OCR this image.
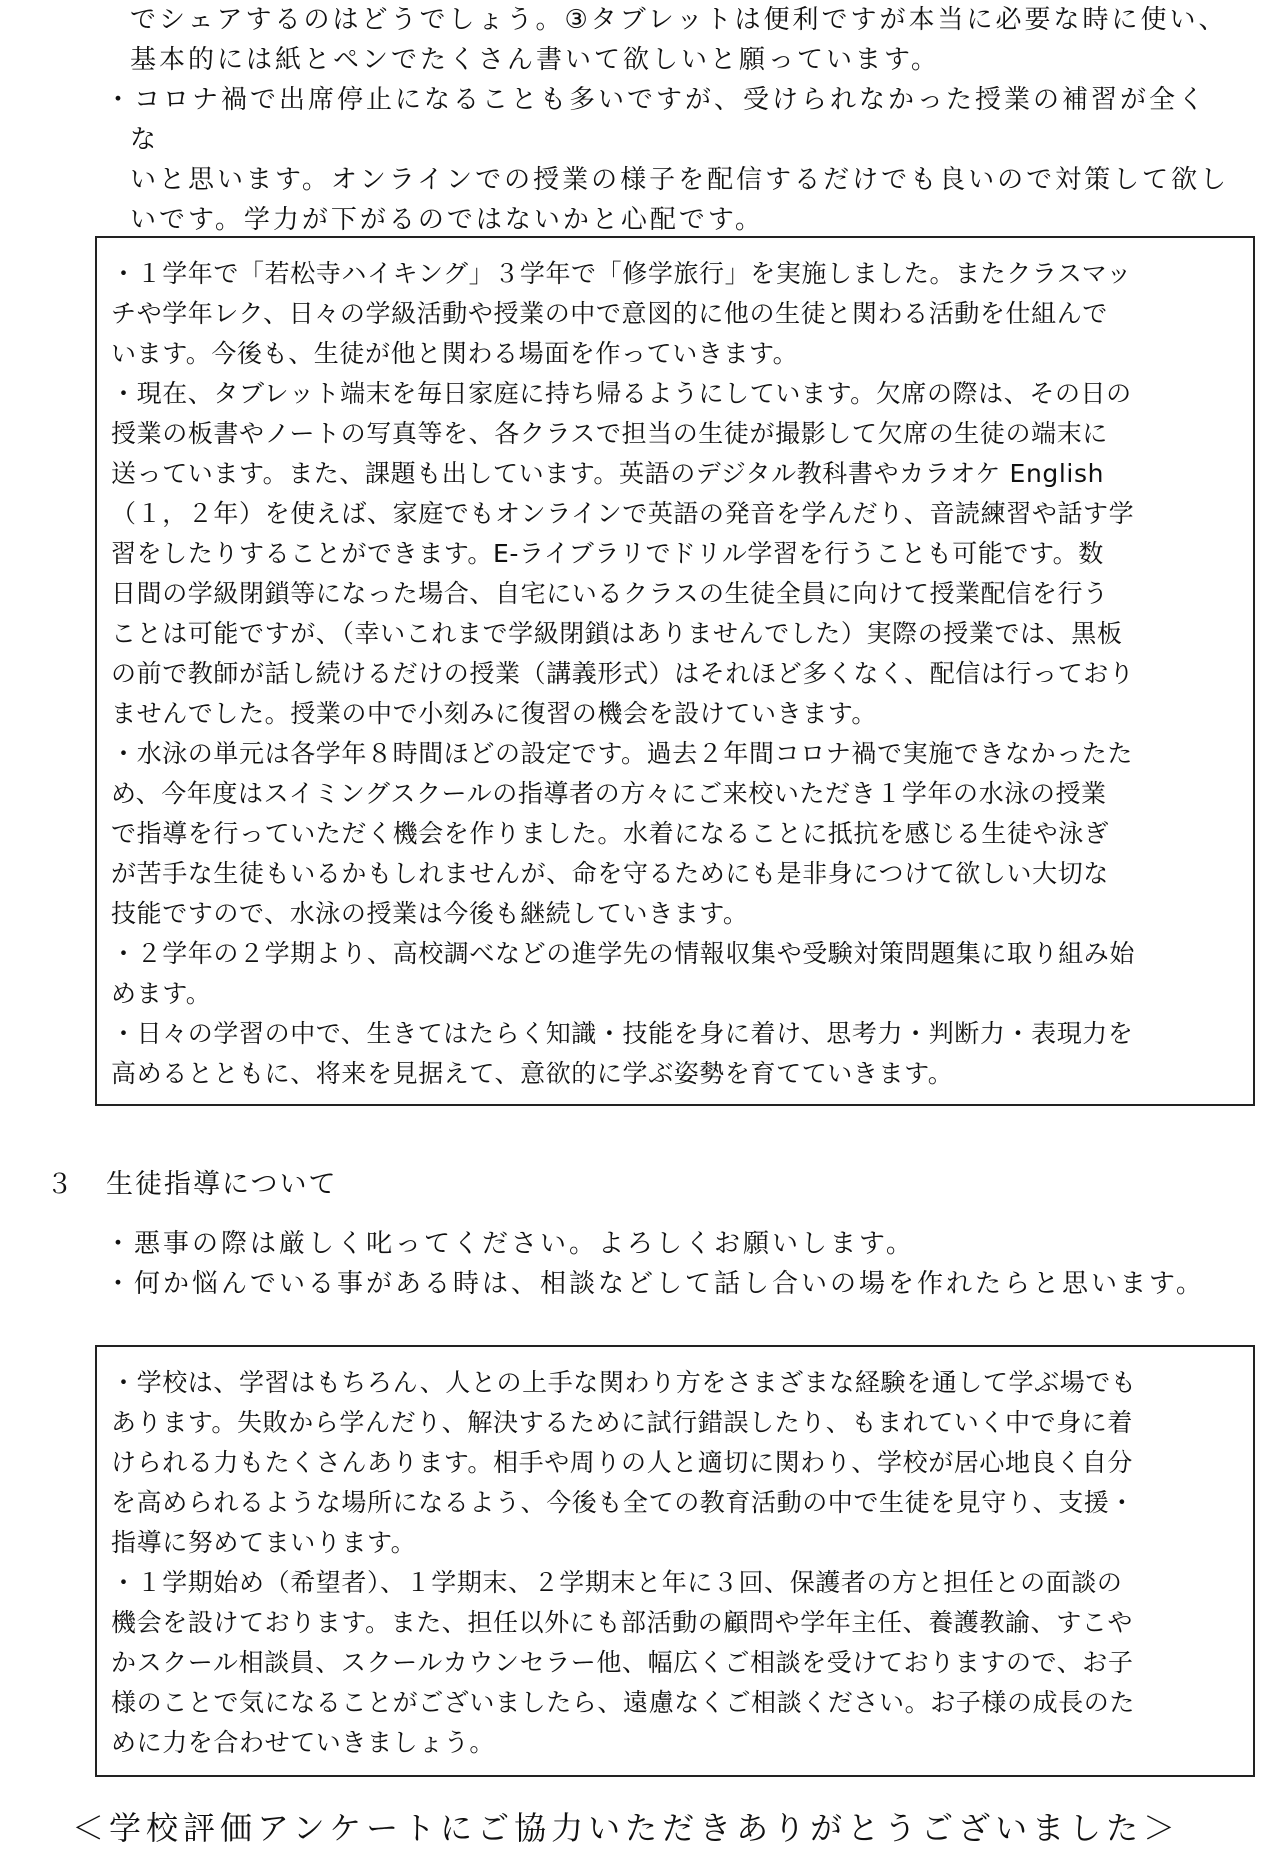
でシェアするのはどうでしょう。③タブレットは便利ですが本当に必要な時に使い、

基本的には紙とペンでたくさん書いて欲しいと願っています。

・コロナ禍で出席停止になることも多いですが、受けられなかった授業の補習が全くな

いと思います。オンラインでの授業の様子を配信するだけでも良いので対策して欲し

いです。学力が下がるのではないかと心配です。

・１学年で「若松寺ハイキング」３学年で「修学旅行」を実施しました。またクラスマッ

チや学年レク、日々の学級活動や授業の中で意図的に他の生徒と関わる活動を仕組んで

います。今後も、生徒が他と関わる場面を作っていきます。

・現在、タブレット端末を毎日家庭に持ち帰るようにしています。欠席の際は、その日の

授業の板書やノートの写真等を、各クラスで担当の生徒が撮影して欠席の生徒の端末に

送っています。また、課題も出しています。英語のデジタル教科書やカラオケ English

（１，２年）を使えば、家庭でもオンラインで英語の発音を学んだり、音読練習や話す学

習をしたりすることができます。E-ライブラリでドリル学習を行うことも可能です。数

日間の学級閉鎖等になった場合、自宅にいるクラスの生徒全員に向けて授業配信を行う

ことは可能ですが、（幸いこれまで学級閉鎖はありませんでした）実際の授業では、黒板

の前で教師が話し続けるだけの授業（講義形式）はそれほど多くなく、配信は行っており

ませんでした。授業の中で小刻みに復習の機会を設けていきます。

・水泳の単元は各学年８時間ほどの設定です。過去２年間コロナ禍で実施できなかったた

め、今年度はスイミングスクールの指導者の方々にご来校いただき１学年の水泳の授業

で指導を行っていただく機会を作りました。水着になることに抵抗を感じる生徒や泳ぎ

が苦手な生徒もいるかもしれませんが、命を守るためにも是非身につけて欲しい大切な

技能ですので、水泳の授業は今後も継続していきます。

・２学年の２学期より、高校調べなどの進学先の情報収集や受験対策問題集に取り組み始

めます。

・日々の学習の中で、生きてはたらく知識・技能を身に着け、思考力・判断力・表現力を

高めるとともに、将来を見据えて、意欲的に学ぶ姿勢を育てていきます。

３ 生徒指導について

・悪事の際は厳しく叱ってください。よろしくお願いします。

・何か悩んでいる事がある時は、相談などして話し合いの場を作れたらと思います。

・学校は、学習はもちろん、人との上手な関わり方をさまざまな経験を通して学ぶ場でも

あります。失敗から学んだり、解決するために試行錯誤したり、もまれていく中で身に着

けられる力もたくさんあります。相手や周りの人と適切に関わり、学校が居心地良く自分

を高められるような場所になるよう、今後も全ての教育活動の中で生徒を見守り、支援・

指導に努めてまいります。

・１学期始め（希望者）、１学期末、２学期末と年に３回、保護者の方と担任との面談の

機会を設けております。また、担任以外にも部活動の顧問や学年主任、養護教諭、すこや

かスクール相談員、スクールカウンセラー他、幅広くご相談を受けておりますので、お子

様のことで気になることがございましたら、遠慮なくご相談ください。お子様の成長のた

めに力を合わせていきましょう。

＜学校評価アンケートにご協力いただきありがとうございました＞
